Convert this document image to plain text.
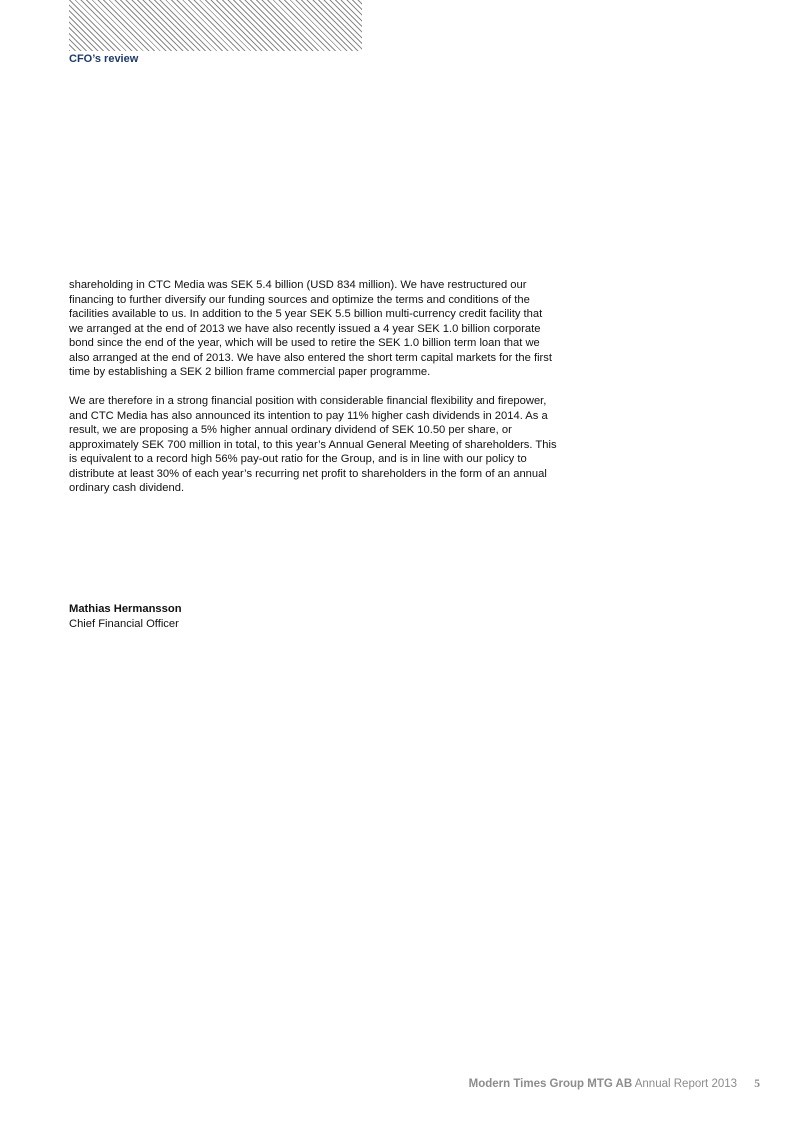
CFO’s review

shareholding in CTC Media was SEK 5.4 billion (USD 834 million). We have restructured our financing to further diversify our funding sources and optimize the terms and conditions of the facilities available to us. In addition to the 5 year SEK 5.5 billion multi-currency credit facility that we arranged at the end of 2013 we have also recently issued a 4 year SEK 1.0 billion corporate bond since the end of the year, which will be used to retire the SEK 1.0 billion term loan that we also arranged at the end of 2013. We have also entered the short term capital markets for the first time by establishing a SEK 2 billion frame commercial paper programme.

We are therefore in a strong financial position with considerable financial flexibility and firepower, and CTC Media has also announced its intention to pay 11% higher cash dividends in 2014. As a result, we are proposing a 5% higher annual ordinary dividend of SEK 10.50 per share, or approximately SEK 700 million in total, to this year’s Annual General Meeting of shareholders. This is equivalent to a record high 56% pay-out ratio for the Group, and is in line with our policy to distribute at least 30% of each year’s recurring net profit to shareholders in the form of an annual ordinary cash dividend.

Mathias Hermansson
Chief Financial Officer
Modern Times Group MTG AB Annual Report 2013 5
